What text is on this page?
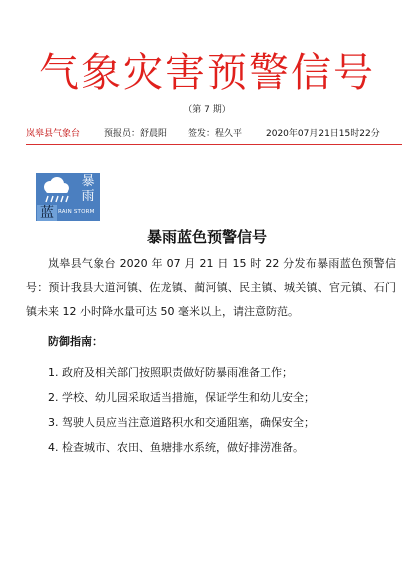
气象灾害预警信号
（第 7 期）
岚皋县气象台	预报员：舒晨阳 签发：程久平	2020年07月21日15时22分
暴
雨
蓝 RAIN STORM
暴雨蓝色预警信号
岚皋县气象台 2020 年 07 月 21 日 15 时 22 分发布暴雨蓝色预警信号：预计我县大道河镇、佐龙镇、蔺河镇、民主镇、城关镇、官元镇、石门镇未来 12 小时降水量可达 50 毫米以上，请注意防范。
防御指南：
1. 政府及相关部门按照职责做好防暴雨准备工作；
2. 学校、幼儿园采取适当措施，保证学生和幼儿安全；
3. 驾驶人员应当注意道路积水和交通阻塞，确保安全；
4. 检查城市、农田、鱼塘排水系统，做好排涝准备。
